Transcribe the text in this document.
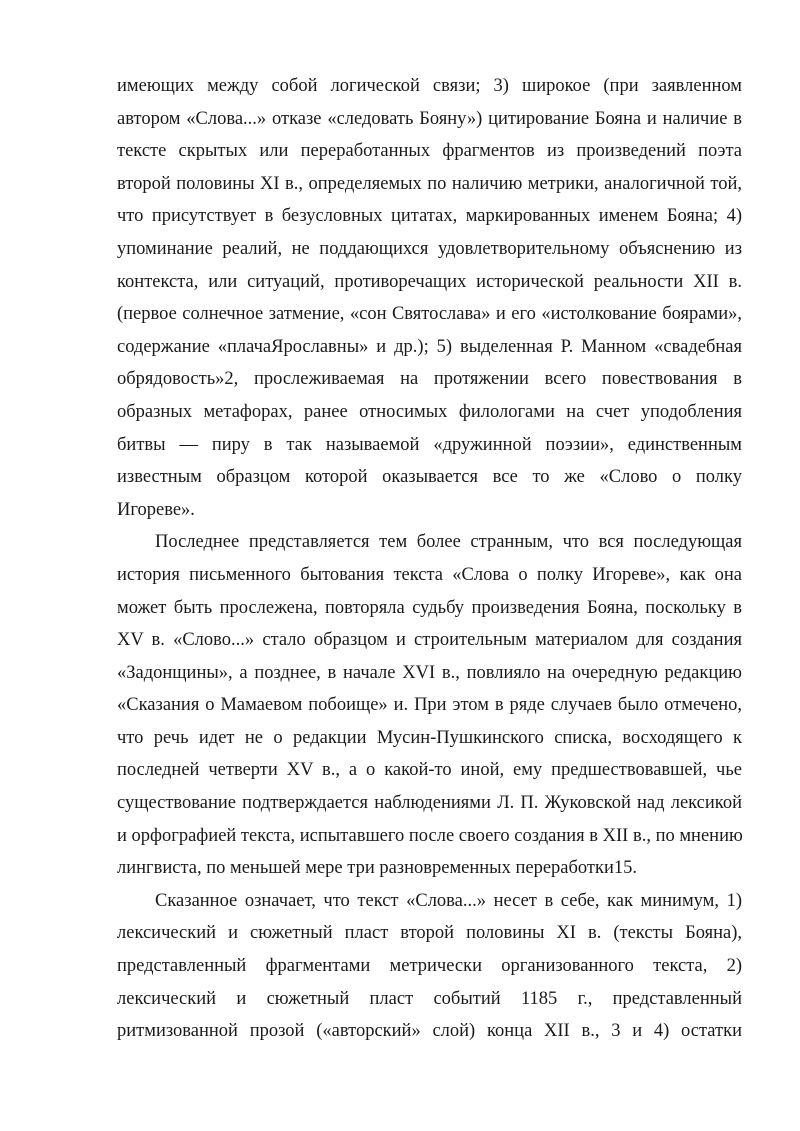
имеющих между собой логической связи; 3) широкое (при заявленном
автором «Слова...» отказе «следовать Бояну») цитирование Бояна и наличие в
тексте скрытых или переработанных фрагментов из произведений поэта
второй половины XI в., определяемых по наличию метрики, аналогичной той,
что присутствует в безусловных цитатах, маркированных именем Бояна; 4)
упоминание реалий, не поддающихся удовлетворительному объяснению из
контекста, или ситуаций, противоречащих исторической реальности XII в.
(первое солнечное затмение, «сон Святослава» и его «истолкование боярами»,
содержание «плачаЯрославны» и др.); 5) выделенная Р. Манном «свадебная
обрядовость»2, прослеживаемая на протяжении всего повествования в
образных метафорах, ранее относимых филологами на счет уподобления
битвы — пиру в так называемой «дружинной поэзии», единственным
известным образцом которой оказывается все то же «Слово о полку
Игореве».
Последнее представляется тем более странным, что вся последующая
история письменного бытования текста «Слова о полку Игореве», как она
может быть прослежена, повторяла судьбу произведения Бояна, поскольку в
XV в. «Слово...» стало образцом и строительным материалом для создания
«Задонщины», а позднее, в начале XVI в., повлияло на очередную редакцию
«Сказания о Мамаевом побоище» и. При этом в ряде случаев было отмечено,
что речь идет не о редакции Мусин-Пушкинского списка, восходящего к
последней четверти XV в., а о какой-то иной, ему предшествовавшей, чье
существование подтверждается наблюдениями Л. П. Жуковской над лексикой
и орфографией текста, испытавшего после своего создания в XII в., по мнению
лингвиста, по меньшей мере три разновременных переработки15.
Сказанное означает, что текст «Слова...» несет в себе, как минимум, 1)
лексический и сюжетный пласт второй половины XI в. (тексты Бояна),
представленный фрагментами метрически организованного текста, 2)
лексический и сюжетный пласт событий 1185 г., представленный
ритмизованной прозой («авторский» слой) конца XII в., 3 и 4) остатки
